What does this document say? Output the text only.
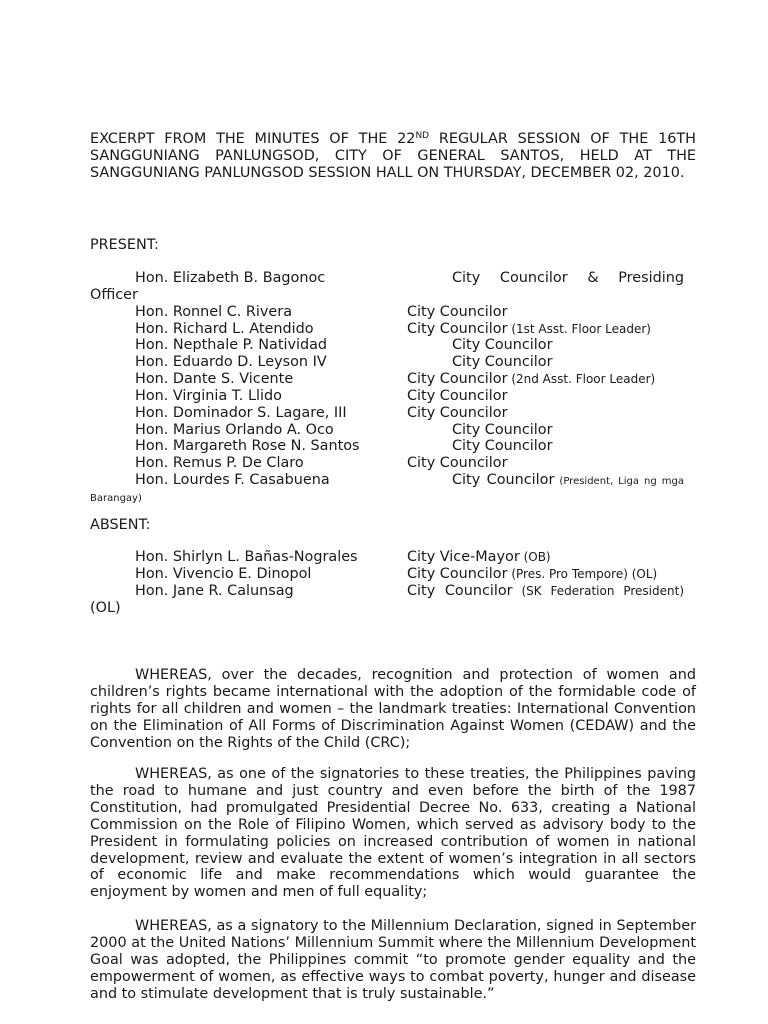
EXCERPT FROM THE MINUTES OF THE 22ND REGULAR SESSION OF THE 16TH SANGGUNIANG PANLUNGSOD, CITY OF GENERAL SANTOS, HELD AT THE SANGGUNIANG PANLUNGSOD SESSION HALL ON THURSDAY, DECEMBER 02, 2010.
PRESENT:
Hon. Elizabeth B. Bagonoc	City Councilor & Presiding
Officer
Hon. Ronnel C. Rivera	City Councilor
Hon. Richard L. Atendido	City Councilor (1st Asst. Floor Leader)
Hon. Nepthale P. Natividad	City Councilor
Hon. Eduardo D. Leyson IV	City Councilor
Hon. Dante S. Vicente	City Councilor (2nd Asst. Floor Leader)
Hon. Virginia T. Llido	City Councilor
Hon. Dominador S. Lagare, III	City Councilor
Hon. Marius Orlando A. Oco	City Councilor
Hon. Margareth Rose N. Santos	City Councilor
Hon. Remus P. De Claro	City Councilor
Hon. Lourdes F. Casabuena	City Councilor (President, Liga ng mga
Barangay)
ABSENT:
Hon. Shirlyn L. Bañas-Nograles	City Vice-Mayor (OB)
Hon. Vivencio E. Dinopol	City Councilor (Pres. Pro Tempore) (OL)
Hon. Jane R. Calunsag	City Councilor (SK Federation President)
(OL)

WHEREAS, over the decades, recognition and protection of women and children’s rights became international with the adoption of the formidable code of rights for all children and women – the landmark treaties: International Convention on the Elimination of All Forms of Discrimination Against Women (CEDAW) and the Convention on the Rights of the Child (CRC);

WHEREAS, as one of the signatories to these treaties, the Philippines paving the road to humane and just country and even before the birth of the 1987 Constitution, had promulgated Presidential Decree No. 633, creating a National Commission on the Role of Filipino Women, which served as advisory body to the President in formulating policies on increased contribution of women in national development, review and evaluate the extent of women’s integration in all sectors of economic life and make recommendations which would guarantee the enjoyment by women and men of full equality;

WHEREAS, as a signatory to the Millennium Declaration, signed in September 2000 at the United Nations’ Millennium Summit where the Millennium Development Goal was adopted, the Philippines commit “to promote gender equality and the empowerment of women, as effective ways to combat poverty, hunger and disease and to stimulate development that is truly sustainable.”
